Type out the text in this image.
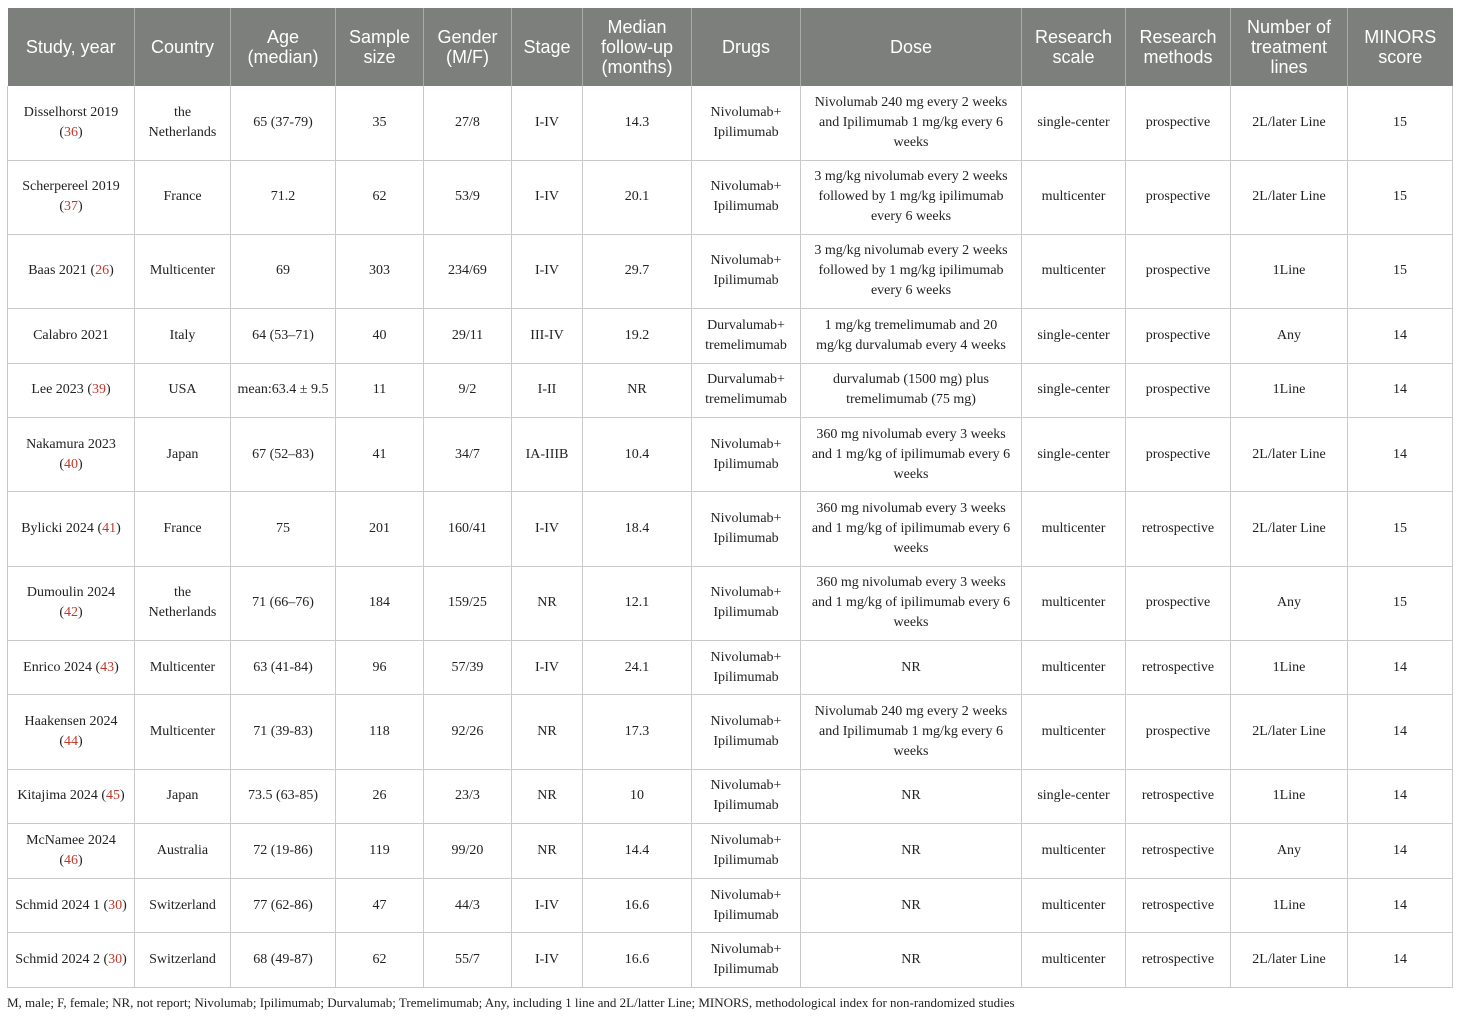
Study, year	Country	Age (median)	Sample size	Gender (M/F)	Stage	Median follow-up (months)	Drugs	Dose	Research scale	Research methods	Number of treatment lines	MINORS score
Disselhorst 2019 (36)	the Netherlands	65 (37-79)	35	27/8	I-IV	14.3	Nivolumab+ Ipilimumab	Nivolumab 240 mg every 2 weeks and Ipilimumab 1 mg/kg every 6 weeks	single-center	prospective	2L/later Line	15
Scherpereel 2019 (37)	France	71.2	62	53/9	I-IV	20.1	Nivolumab+ Ipilimumab	3 mg/kg nivolumab every 2 weeks followed by 1 mg/kg ipilimumab every 6 weeks	multicenter	prospective	2L/later Line	15
Baas 2021 (26)	Multicenter	69	303	234/69	I-IV	29.7	Nivolumab+ Ipilimumab	3 mg/kg nivolumab every 2 weeks followed by 1 mg/kg ipilimumab every 6 weeks	multicenter	prospective	1Line	15
Calabro 2021	Italy	64 (53–71)	40	29/11	III-IV	19.2	Durvalumab+ tremelimumab	1 mg/kg tremelimumab and 20 mg/kg durvalumab every 4 weeks	single-center	prospective	Any	14
Lee 2023 (39)	USA	mean:63.4 ± 9.5	11	9/2	I-II	NR	Durvalumab+ tremelimumab	durvalumab (1500 mg) plus tremelimumab (75 mg)	single-center	prospective	1Line	14
Nakamura 2023 (40)	Japan	67 (52–83)	41	34/7	IA-IIIB	10.4	Nivolumab+ Ipilimumab	360 mg nivolumab every 3 weeks and 1 mg/kg of ipilimumab every 6 weeks	single-center	prospective	2L/later Line	14
Bylicki 2024 (41)	France	75	201	160/41	I-IV	18.4	Nivolumab+ Ipilimumab	360 mg nivolumab every 3 weeks and 1 mg/kg of ipilimumab every 6 weeks	multicenter	retrospective	2L/later Line	15
Dumoulin 2024 (42)	the Netherlands	71 (66–76)	184	159/25	NR	12.1	Nivolumab+ Ipilimumab	360 mg nivolumab every 3 weeks and 1 mg/kg of ipilimumab every 6 weeks	multicenter	prospective	Any	15
Enrico 2024 (43)	Multicenter	63 (41-84)	96	57/39	I-IV	24.1	Nivolumab+ Ipilimumab	NR	multicenter	retrospective	1Line	14
Haakensen 2024 (44)	Multicenter	71 (39-83)	118	92/26	NR	17.3	Nivolumab+ Ipilimumab	Nivolumab 240 mg every 2 weeks and Ipilimumab 1 mg/kg every 6 weeks	multicenter	prospective	2L/later Line	14
Kitajima 2024 (45)	Japan	73.5 (63-85)	26	23/3	NR	10	Nivolumab+ Ipilimumab	NR	single-center	retrospective	1Line	14
McNamee 2024 (46)	Australia	72 (19-86)	119	99/20	NR	14.4	Nivolumab+ Ipilimumab	NR	multicenter	retrospective	Any	14
Schmid 2024 1 (30)	Switzerland	77 (62-86)	47	44/3	I-IV	16.6	Nivolumab+ Ipilimumab	NR	multicenter	retrospective	1Line	14
Schmid 2024 2 (30)	Switzerland	68 (49-87)	62	55/7	I-IV	16.6	Nivolumab+ Ipilimumab	NR	multicenter	retrospective	2L/later Line	14
M, male; F, female; NR, not report; Nivolumab; Ipilimumab; Durvalumab; Tremelimumab; Any, including 1 line and 2L/latter Line; MINORS, methodological index for non-randomized studies
